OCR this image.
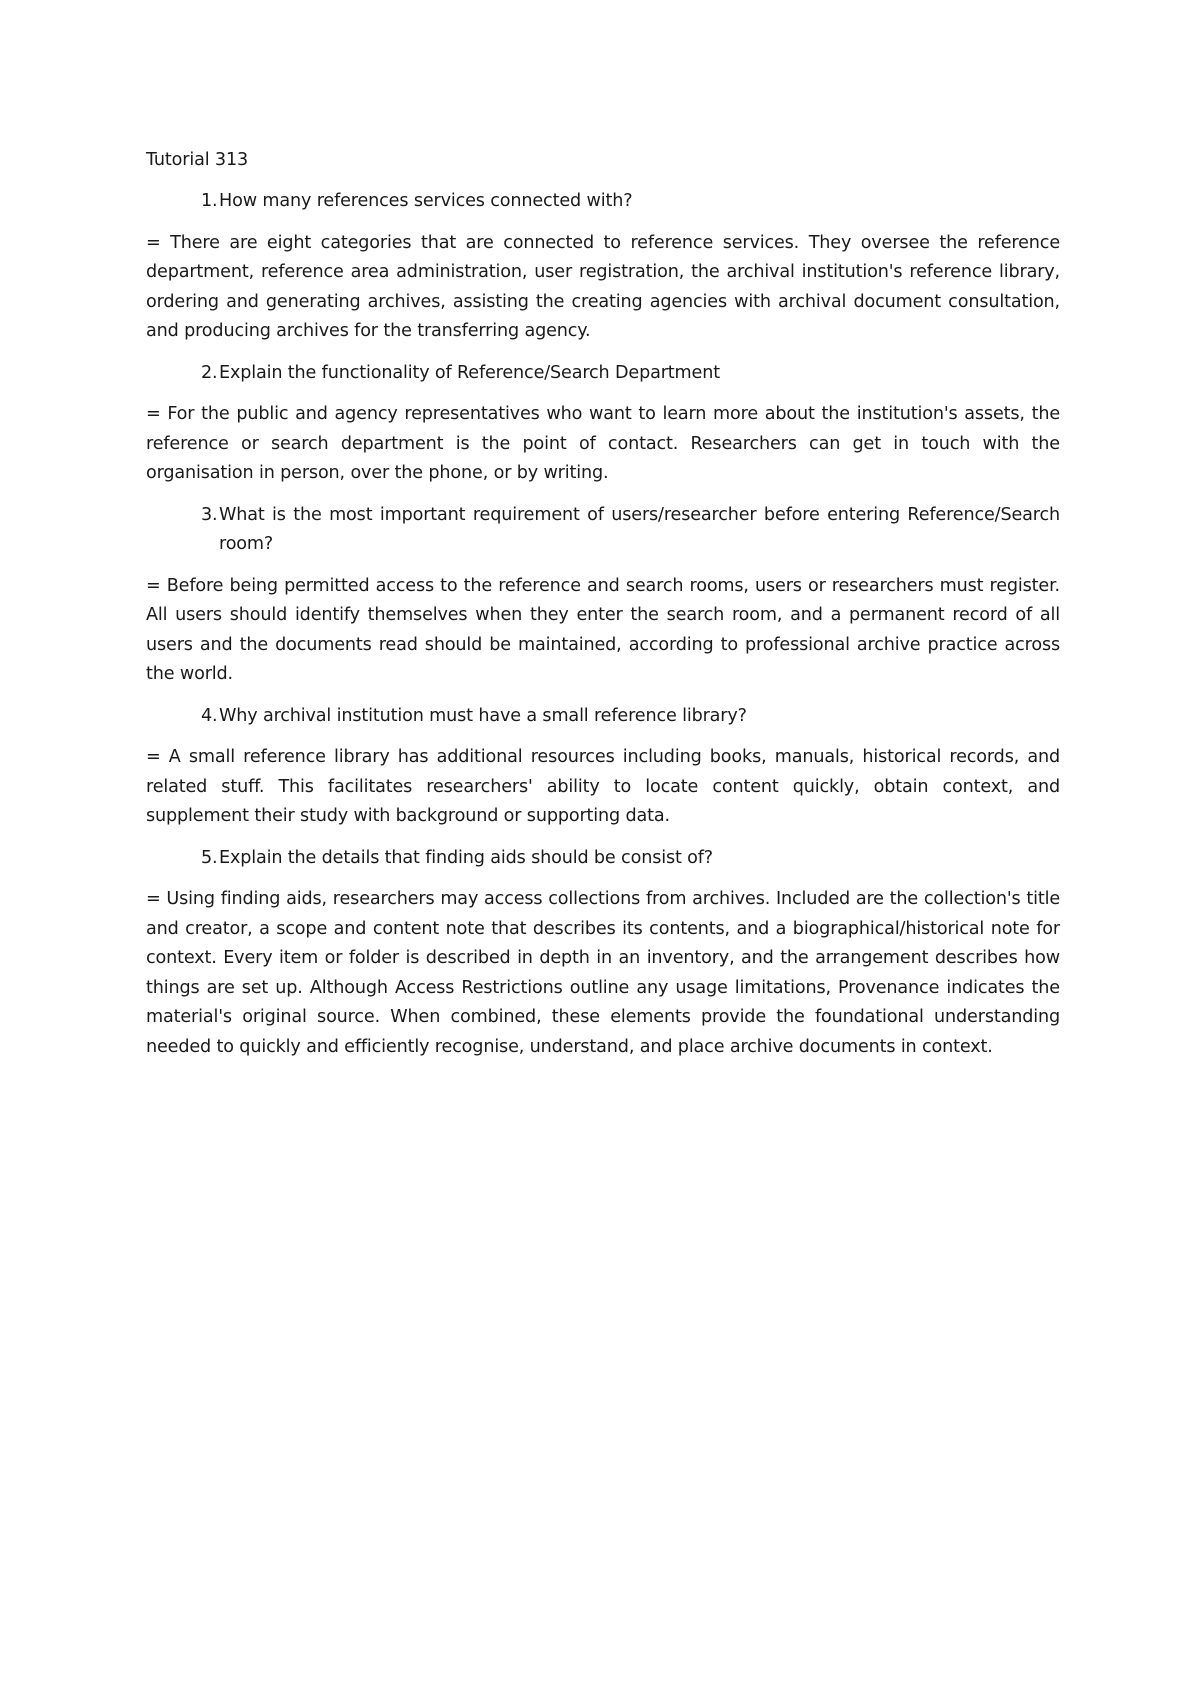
Tutorial 313

1. How many references services connected with?

= There are eight categories that are connected to reference services. They oversee the reference department, reference area administration, user registration, the archival institution's reference library, ordering and generating archives, assisting the creating agencies with archival document consultation, and producing archives for the transferring agency.

2. Explain the functionality of Reference/Search Department

= For the public and agency representatives who want to learn more about the institution's assets, the reference or search department is the point of contact. Researchers can get in touch with the organisation in person, over the phone, or by writing.

3. What is the most important requirement of users/researcher before entering Reference/Search room?

= Before being permitted access to the reference and search rooms, users or researchers must register. All users should identify themselves when they enter the search room, and a permanent record of all users and the documents read should be maintained, according to professional archive practice across the world.

4. Why archival institution must have a small reference library?

= A small reference library has additional resources including books, manuals, historical records, and related stuff. This facilitates researchers' ability to locate content quickly, obtain context, and supplement their study with background or supporting data.

5. Explain the details that finding aids should be consist of?

= Using finding aids, researchers may access collections from archives. Included are the collection's title and creator, a scope and content note that describes its contents, and a biographical/historical note for context. Every item or folder is described in depth in an inventory, and the arrangement describes how things are set up. Although Access Restrictions outline any usage limitations, Provenance indicates the material's original source. When combined, these elements provide the foundational understanding needed to quickly and efficiently recognise, understand, and place archive documents in context.
